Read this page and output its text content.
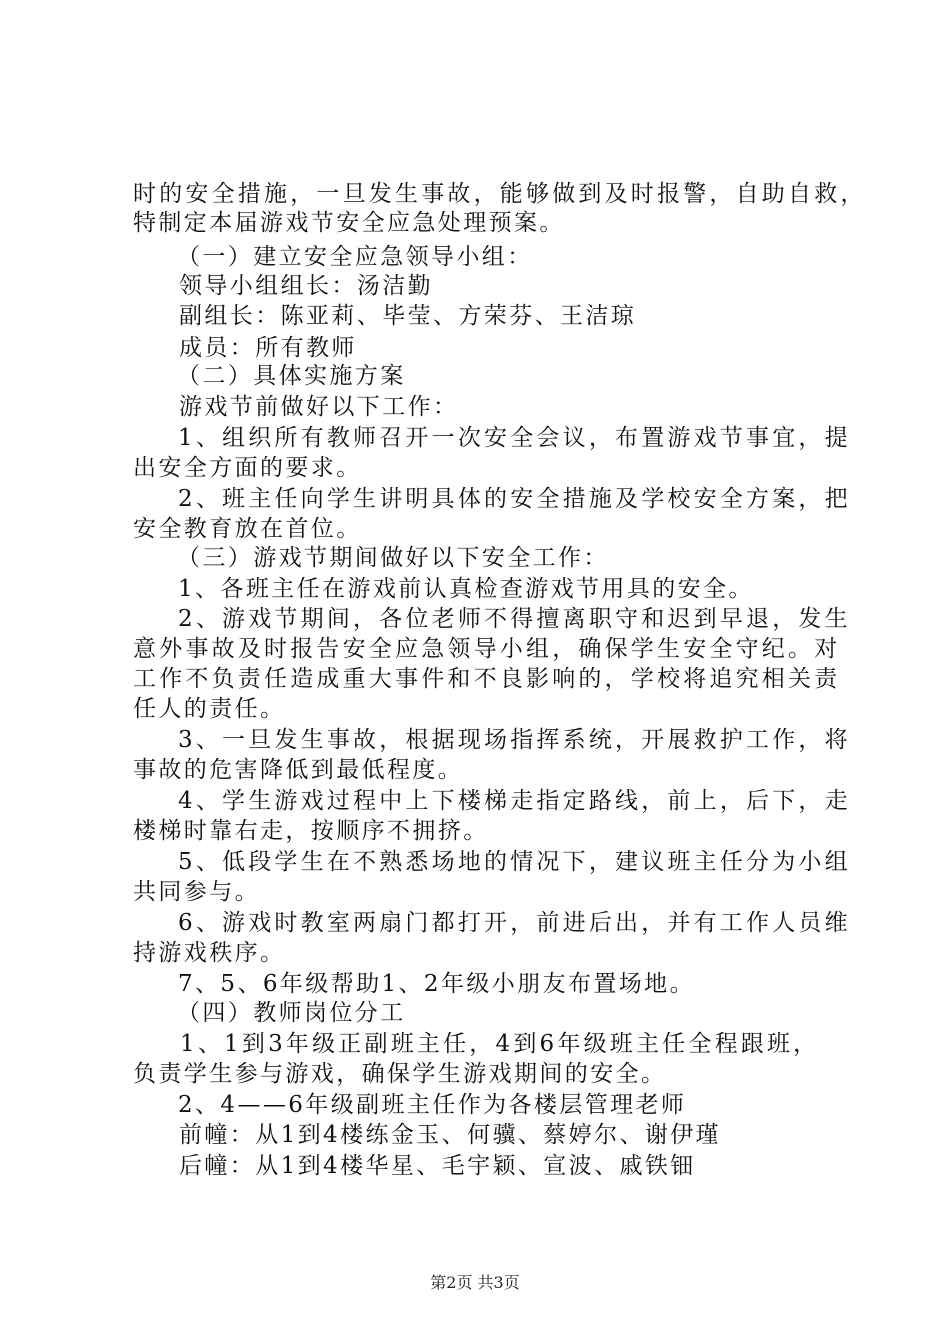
时的安全措施，一旦发生事故，能够做到及时报警，自助自救，
特制定本届游戏节安全应急处理预案。
（一）建立安全应急领导小组：
领导小组组长：汤洁勤
副组长：陈亚莉、毕莹、方荣芬、王洁琼
成员：所有教师
（二）具体实施方案
游戏节前做好以下工作：
1、组织所有教师召开一次安全会议，布置游戏节事宜，提
出安全方面的要求。
2、班主任向学生讲明具体的安全措施及学校安全方案，把
安全教育放在首位。
（三）游戏节期间做好以下安全工作：
1、各班主任在游戏前认真检查游戏节用具的安全。
2、游戏节期间，各位老师不得擅离职守和迟到早退，发生
意外事故及时报告安全应急领导小组，确保学生安全守纪。对
工作不负责任造成重大事件和不良影响的，学校将追究相关责
任人的责任。
3、一旦发生事故，根据现场指挥系统，开展救护工作，将
事故的危害降低到最低程度。
4、学生游戏过程中上下楼梯走指定路线，前上，后下，走
楼梯时靠右走，按顺序不拥挤。
5、低段学生在不熟悉场地的情况下，建议班主任分为小组
共同参与。
6、游戏时教室两扇门都打开，前进后出，并有工作人员维
持游戏秩序。
7、5、6年级帮助1、2年级小朋友布置场地。
（四）教师岗位分工
1、1到3年级正副班主任，4到6年级班主任全程跟班，
负责学生参与游戏，确保学生游戏期间的安全。
2、4——6年级副班主任作为各楼层管理老师
前幢：从1到4楼练金玉、何骥、蔡婷尔、谢伊瑾
后幢：从1到4楼华星、毛宇颖、宣波、戚铁钿
第2页 共3页
